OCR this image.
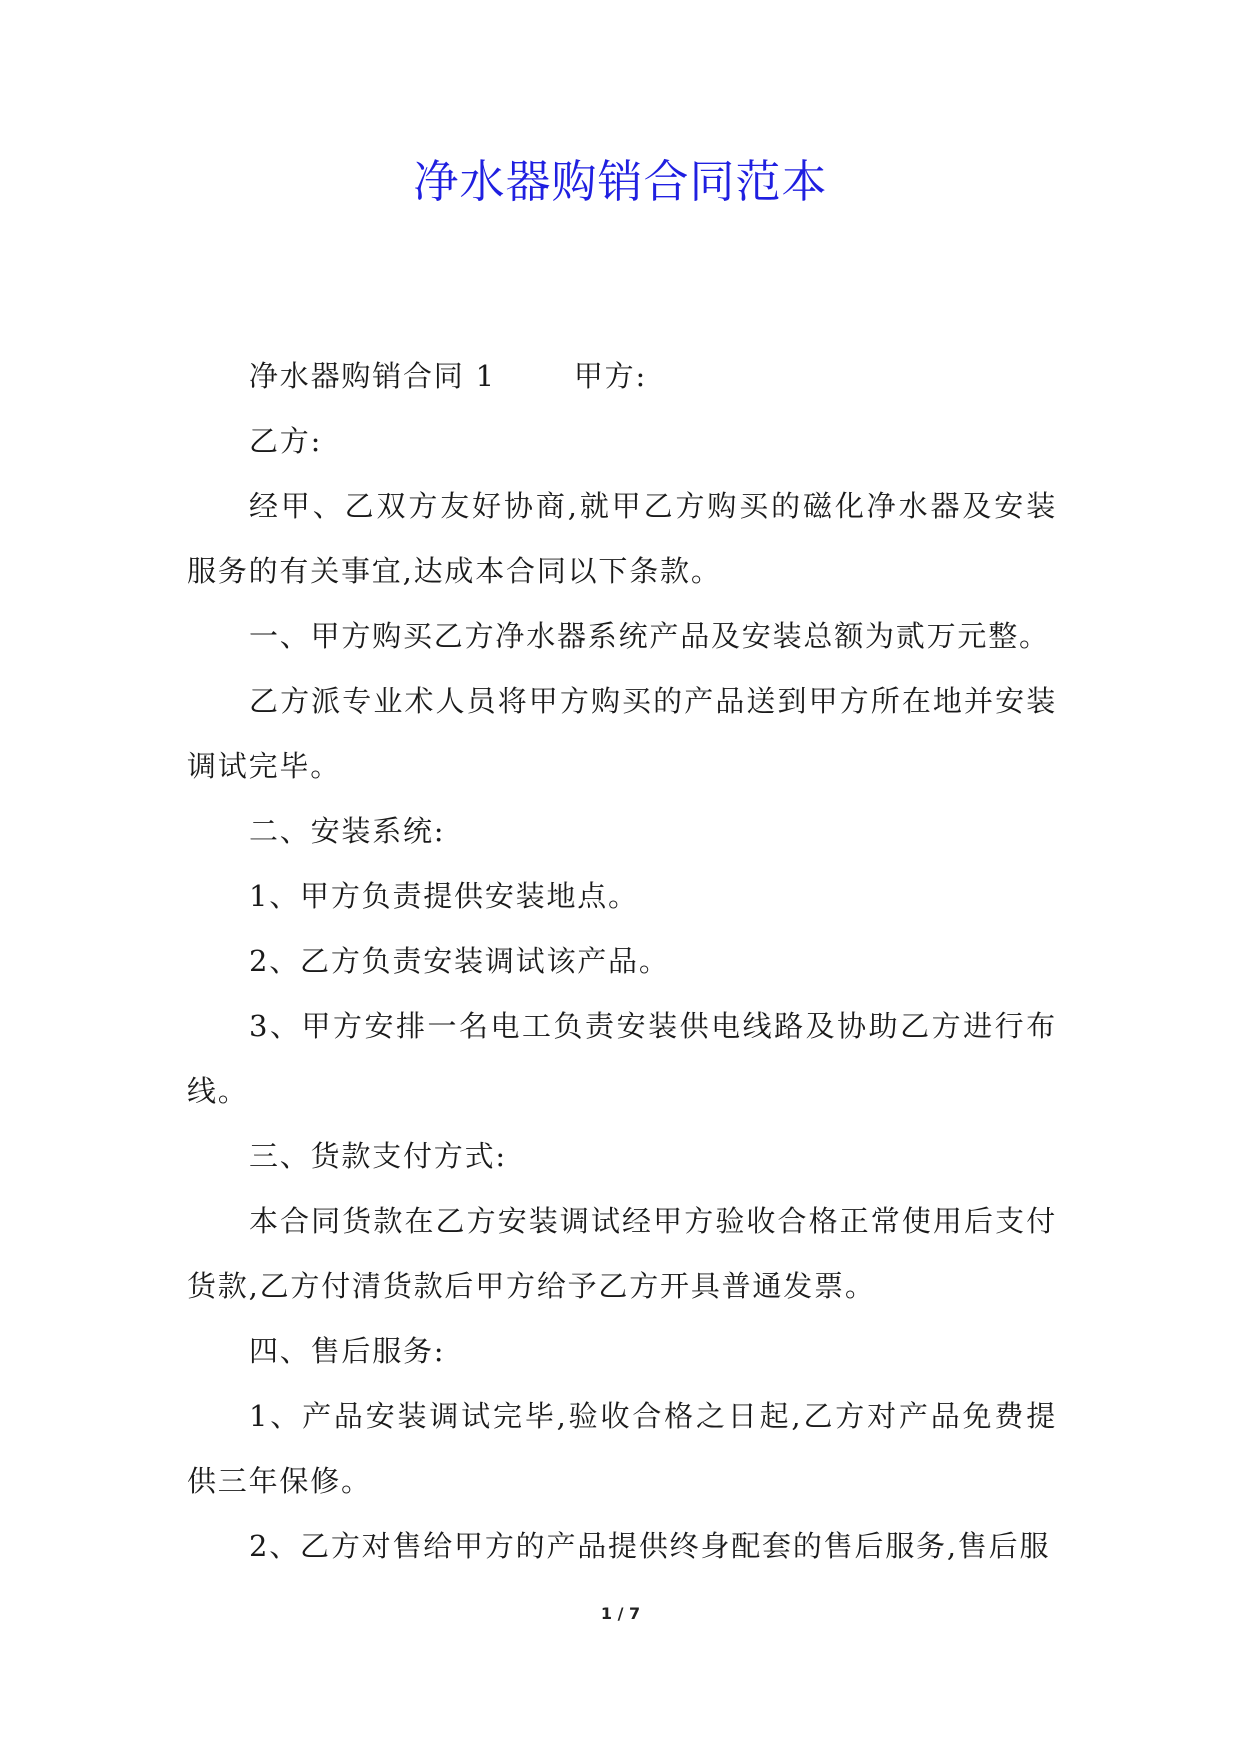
净水器购销合同范本

净水器购销合同 1	甲方:

乙方:

经甲、乙双方友好协商,就甲乙方购买的磁化净水器及安装服务的有关事宜,达成本合同以下条款。

一、甲方购买乙方净水器系统产品及安装总额为贰万元整。

乙方派专业术人员将甲方购买的产品送到甲方所在地并安装调试完毕。

二、安装系统:

1、甲方负责提供安装地点。

2、乙方负责安装调试该产品。

3、甲方安排一名电工负责安装供电线路及协助乙方进行布线。

三、货款支付方式:

本合同货款在乙方安装调试经甲方验收合格正常使用后支付货款,乙方付清货款后甲方给予乙方开具普通发票。

四、售后服务:

1、产品安装调试完毕,验收合格之日起,乙方对产品免费提供三年保修。

2、乙方对售给甲方的产品提供终身配套的售后服务,售后服

1 / 7
